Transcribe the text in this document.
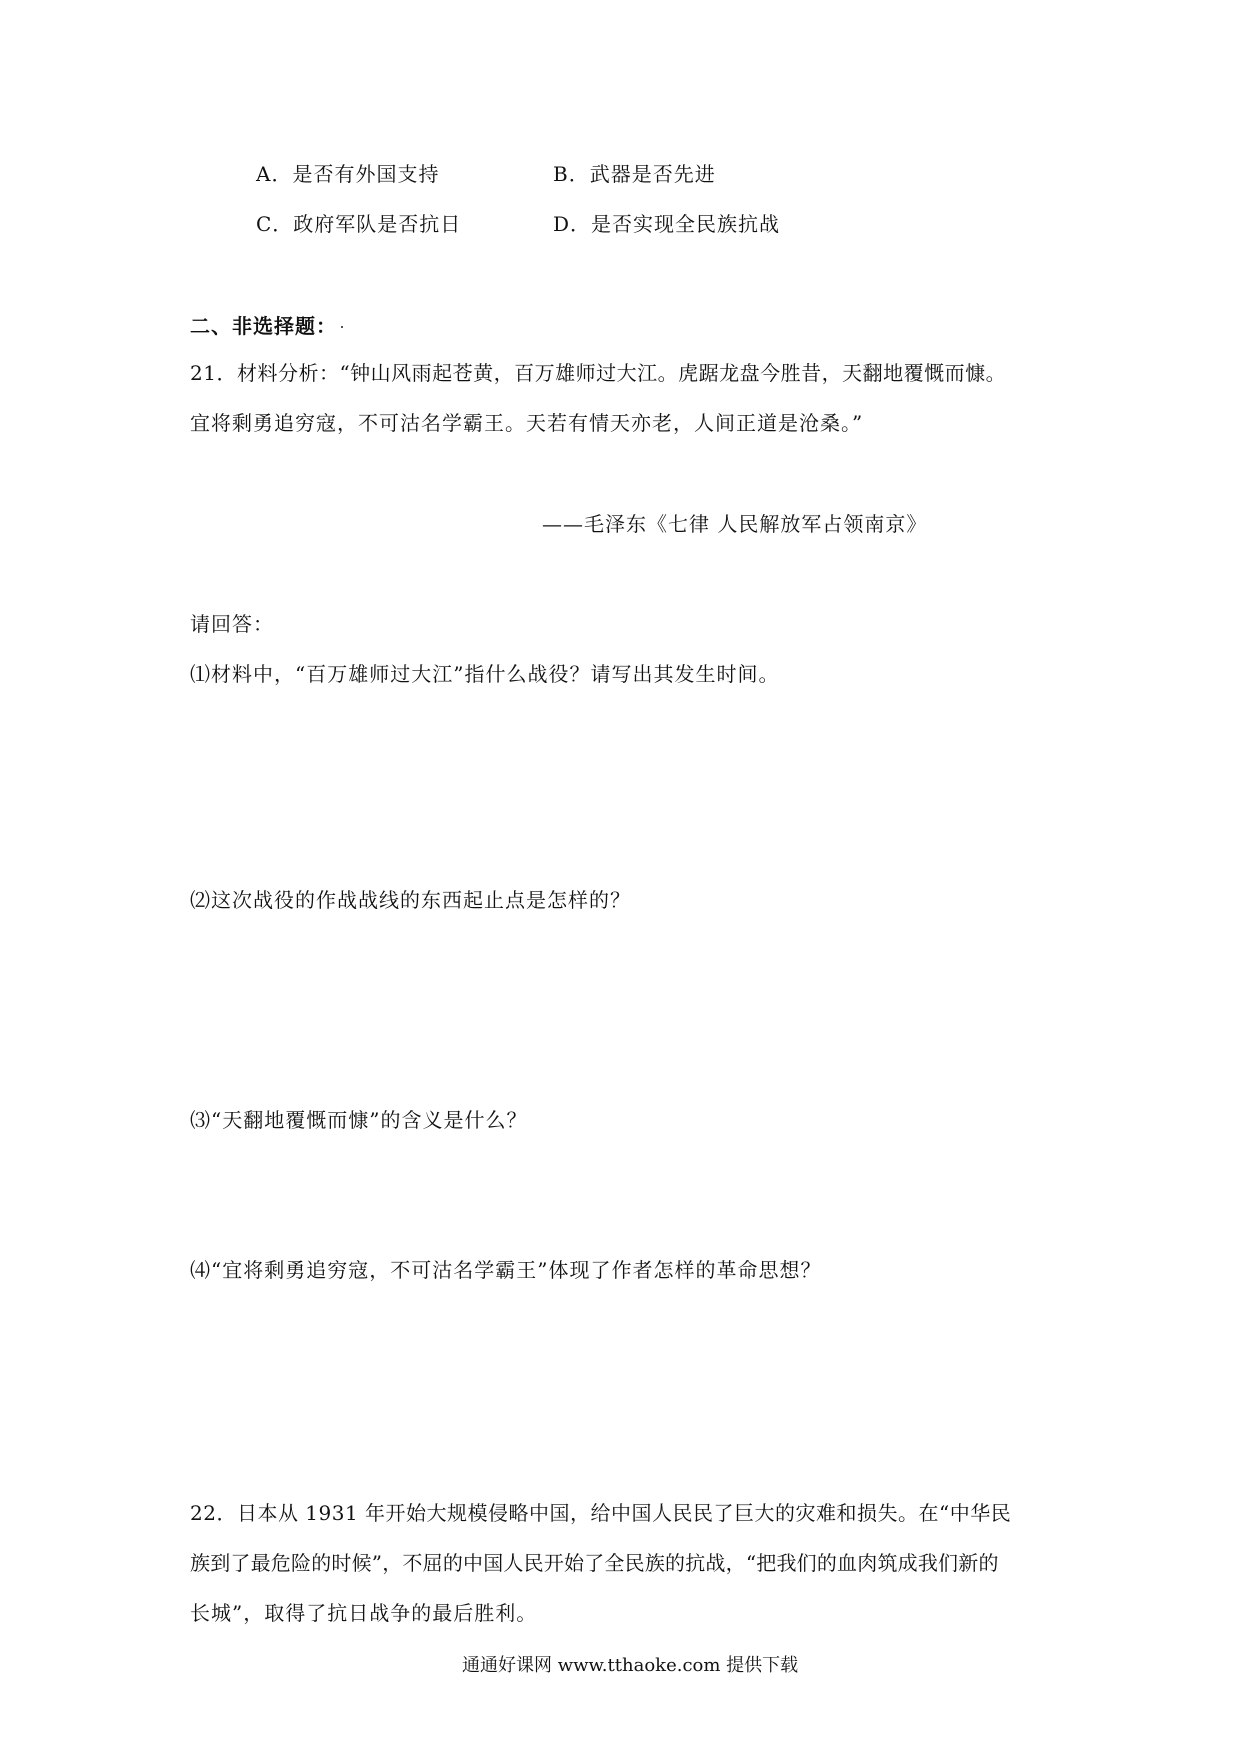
A．是否有外国支持	B．武器是否先进
C．政府军队是否抗日	D．是否实现全民族抗战
二、非选择题：
21．材料分析：“钟山风雨起苍黄，百万雄师过大江。虎踞龙盘今胜昔，天翻地覆慨而慷。
宜将剩勇追穷寇，不可沽名学霸王。天若有情天亦老，人间正道是沧桑。”
——毛泽东《七律 人民解放军占领南京》
请回答：
⑴材料中，“百万雄师过大江”指什么战役？请写出其发生时间。
⑵这次战役的作战战线的东西起止点是怎样的？
⑶“天翻地覆慨而慷”的含义是什么？
⑷“宜将剩勇追穷寇，不可沽名学霸王”体现了作者怎样的革命思想？
22．日本从 1931 年开始大规模侵略中国，给中国人民民了巨大的灾难和损失。在“中华民
族到了最危险的时候”，不屈的中国人民开始了全民族的抗战，“把我们的血肉筑成我们新的
长城”，取得了抗日战争的最后胜利。
通通好课网 www.tthaoke.com 提供下载
